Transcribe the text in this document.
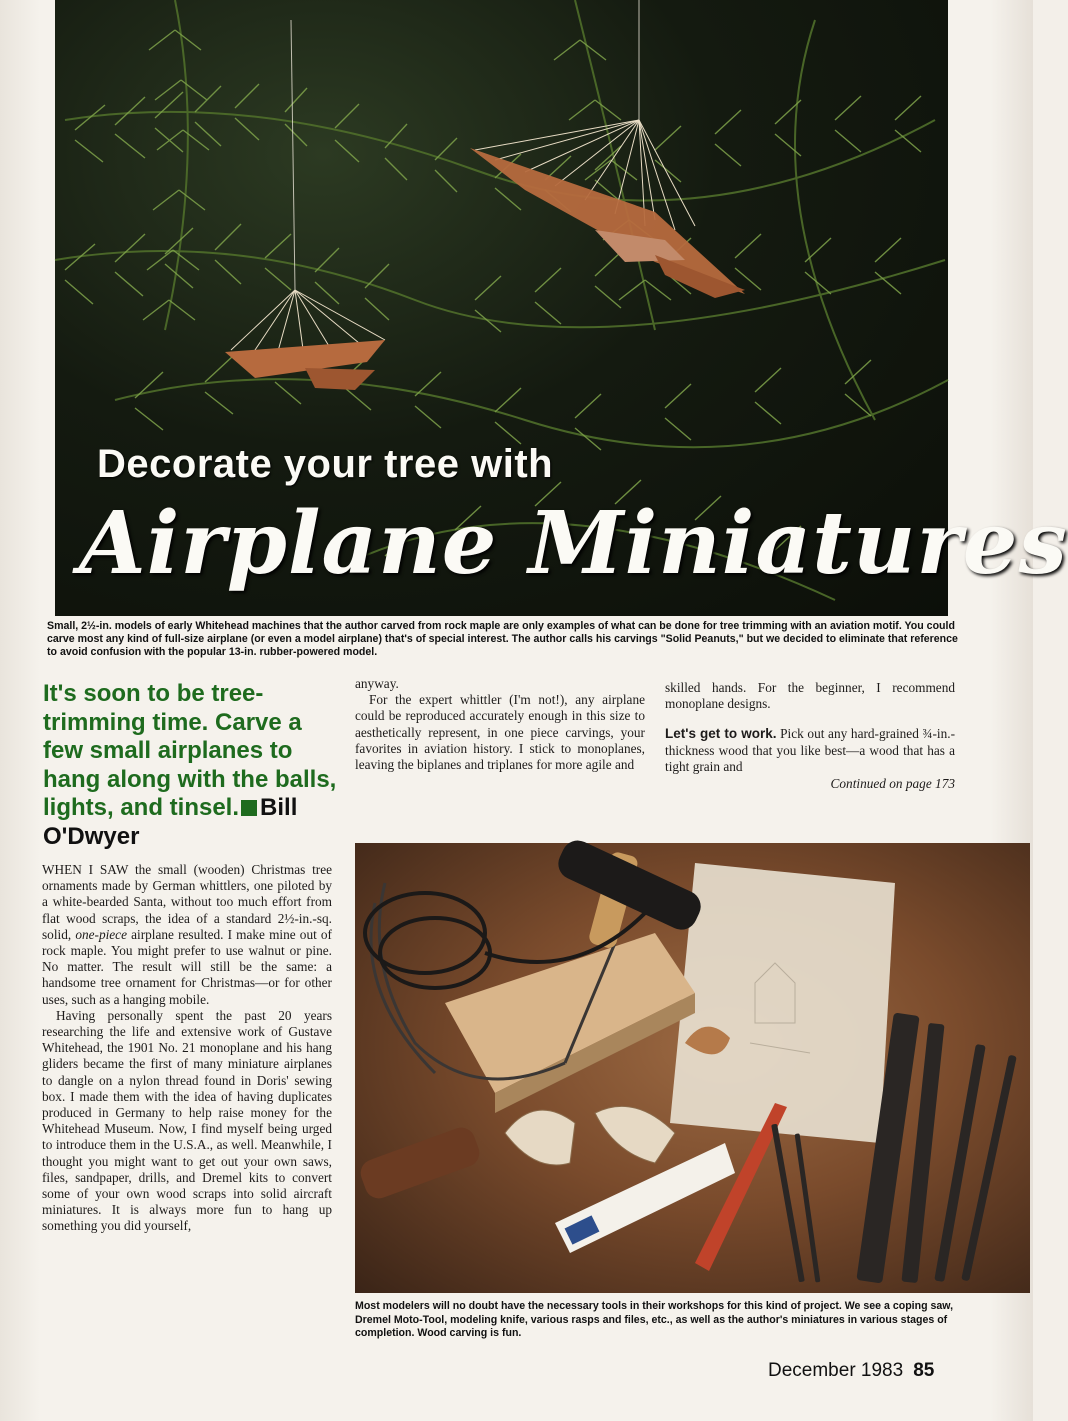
Decorate your tree with
Airplane Miniatures
Small, 2½-in. models of early Whitehead machines that the author carved from rock maple are only examples of what can be done for tree trimming with an aviation motif. You could carve most any kind of full-size airplane (or even a model airplane) that's of special interest. The author calls his carvings "Solid Peanuts," but we decided to eliminate that reference to avoid confusion with the popular 13-in. rubber-powered model.
It's soon to be tree-trimming time. Carve a few small airplanes to hang along with the balls, lights, and tinsel. Bill O'Dwyer

WHEN I SAW the small (wooden) Christmas tree ornaments made by German whittlers, one piloted by a white-bearded Santa, without too much effort from flat wood scraps, the idea of a standard 2½-in.-sq. solid, one-piece airplane resulted. I make mine out of rock maple. You might prefer to use walnut or pine. No matter. The result will still be the same: a handsome tree ornament for Christmas—or for other uses, such as a hanging mobile.

Having personally spent the past 20 years researching the life and extensive work of Gustave Whitehead, the 1901 No. 21 monoplane and his hang gliders became the first of many miniature airplanes to dangle on a nylon thread found in Doris' sewing box. I made them with the idea of having duplicates produced in Germany to help raise money for the Whitehead Museum. Now, I find myself being urged to introduce them in the U.S.A., as well. Meanwhile, I thought you might want to get out your own saws, files, sandpaper, drills, and Dremel kits to convert some of your own wood scraps into solid aircraft miniatures. It is always more fun to hang up something you did yourself,

anyway.

For the expert whittler (I'm not!), any airplane could be reproduced accurately enough in this size to aesthetically represent, in one piece carvings, your favorites in aviation history. I stick to monoplanes, leaving the biplanes and triplanes for more agile and

skilled hands. For the beginner, I recommend monoplane designs.

Let's get to work. Pick out any hard-grained ¾-in.-thickness wood that you like best—a wood that has a tight grain and

Continued on page 173
Most modelers will no doubt have the necessary tools in their workshops for this kind of project. We see a coping saw, Dremel Moto-Tool, modeling knife, various rasps and files, etc., as well as the author's miniatures in various stages of completion. Wood carving is fun.
December 1983 85
